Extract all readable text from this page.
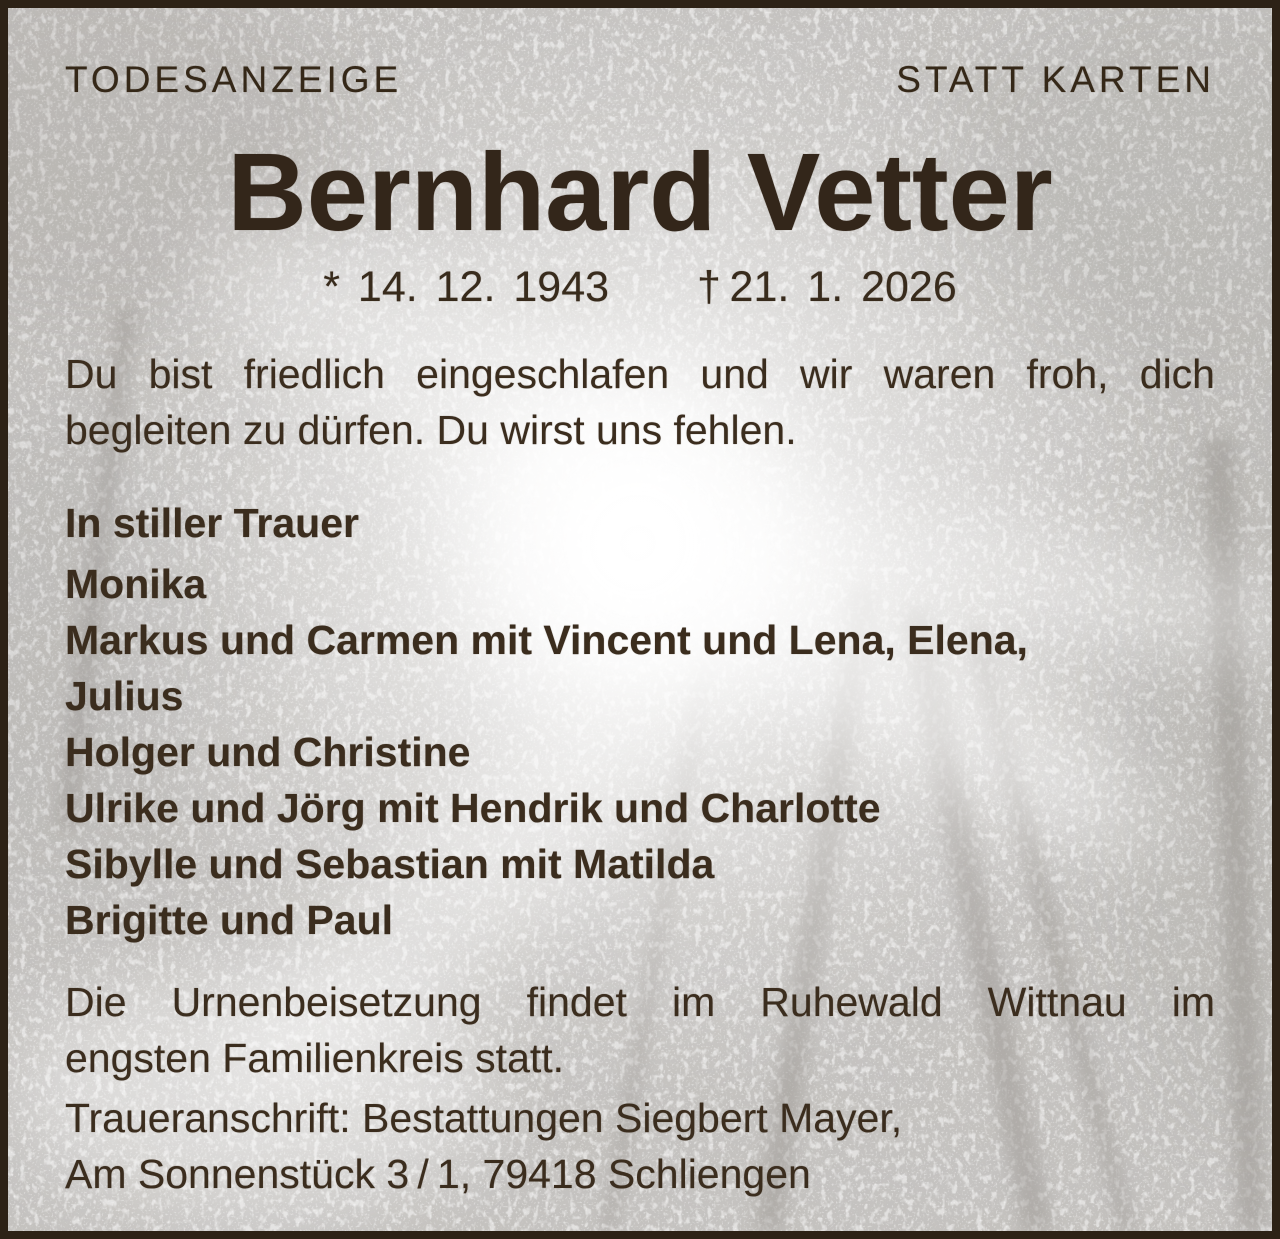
TODESANZEIGE	STATT KARTEN
Bernhard Vetter
* 14. 12. 1943 † 21. 1. 2026

Du bist friedlich eingeschlafen und wir waren froh, dich

begleiten zu dürfen. Du wirst uns fehlen.

In stiller Trauer

Monika

Markus und Carmen mit Vincent und Lena, Elena,

Julius

Holger und Christine

Ulrike und Jörg mit Hendrik und Charlotte

Sibylle und Sebastian mit Matilda

Brigitte und Paul

Die Urnenbeisetzung findet im Ruhewald Wittnau im

engsten Familienkreis statt.

Traueranschrift: Bestattungen Siegbert Mayer,

Am Sonnenstück 3 / 1, 79418 Schliengen
